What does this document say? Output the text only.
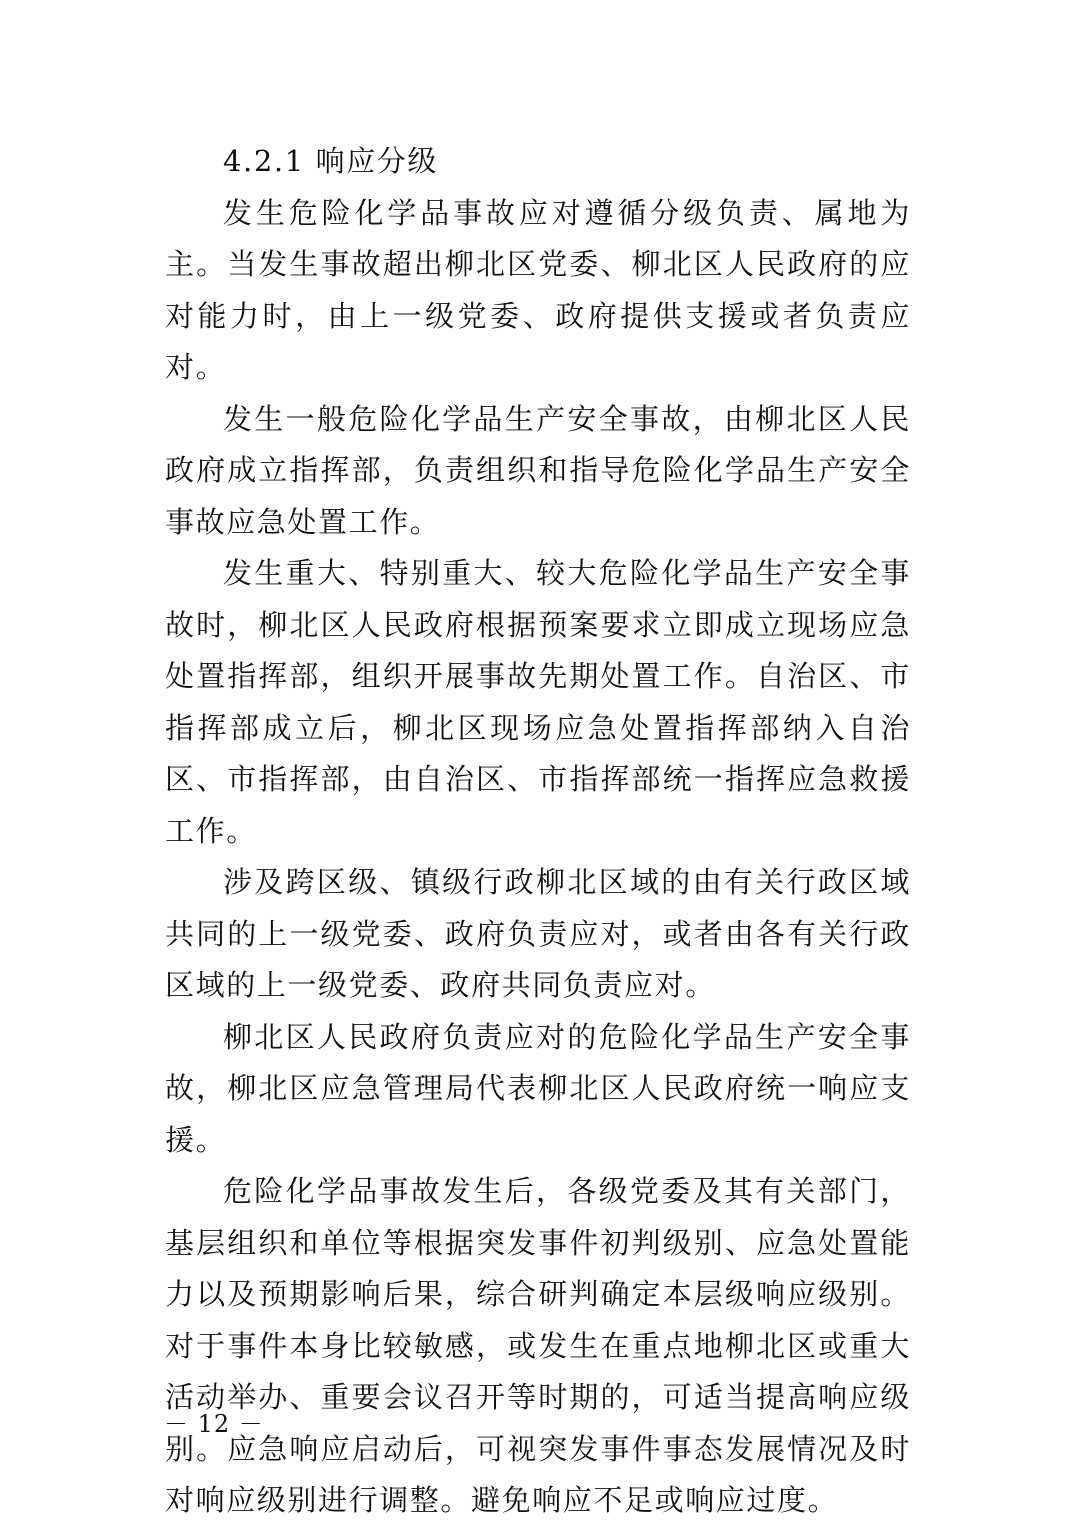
4.2.1 响应分级

发生危险化学品事故应对遵循分级负责、属地为主。当发生事故超出柳北区党委、柳北区人民政府的应对能力时，由上一级党委、政府提供支援或者负责应对。

发生一般危险化学品生产安全事故，由柳北区人民政府成立指挥部，负责组织和指导危险化学品生产安全事故应急处置工作。

发生重大、特别重大、较大危险化学品生产安全事故时，柳北区人民政府根据预案要求立即成立现场应急处置指挥部，组织开展事故先期处置工作。自治区、市指挥部成立后，柳北区现场应急处置指挥部纳入自治区、市指挥部，由自治区、市指挥部统一指挥应急救援工作。

涉及跨区级、镇级行政柳北区域的由有关行政区域共同的上一级党委、政府负责应对，或者由各有关行政区域的上一级党委、政府共同负责应对。

柳北区人民政府负责应对的危险化学品生产安全事故，柳北区应急管理局代表柳北区人民政府统一响应支援。

危险化学品事故发生后，各级党委及其有关部门，基层组织和单位等根据突发事件初判级别、应急处置能力以及预期影响后果，综合研判确定本层级响应级别。对于事件本身比较敏感，或发生在重点地柳北区或重大活动举办、重要会议召开等时期的，可适当提高响应级别。应急响应启动后，可视突发事件事态发展情况及时对响应级别进行调整。避免响应不足或响应过度。

－ 12 －
